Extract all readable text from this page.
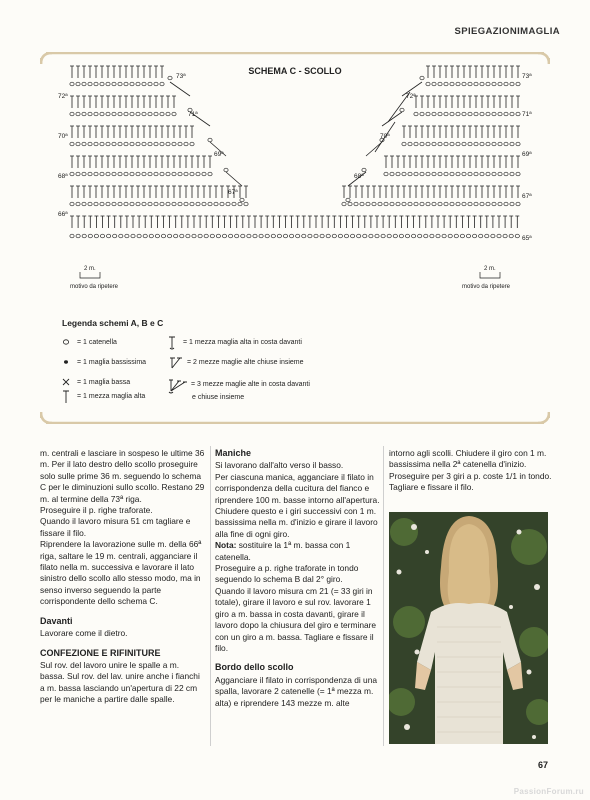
SPIEGAZIONIMAGLIA
SCHEMA C - SCOLLO
73ª
72ª
71ª
70ª
69ª
68ª
67ª
66ª
73ª
72ª
71ª
70ª
69ª
68ª
67ª
65ª
2 m.	2 m.
motivo da ripetere	motivo da ripetere
Legenda schemi A, B e C
= 1 catenella
= 1 maglia bassissima
= 1 maglia bassa
= 1 mezza maglia alta
= 1 mezza maglia alta in costa davanti
= 2 mezze maglie alte chiuse insieme
= 3 mezze maglie alte in costa davanti
e chiuse insieme

m. centrali e lasciare in sospeso le ultime 36 m. Per il lato destro dello scollo proseguire solo sulle prime 36 m. seguendo lo schema C per le diminuzioni sullo scollo. Restano 29 m. al termine della 73ª riga.

Proseguire il p. righe traforate.

Quando il lavoro misura 51 cm tagliare e fissare il filo.

Riprendere la lavorazione sulle m. della 66ª riga, saltare le 19 m. centrali, agganciare il filato nella m. successiva e lavorare il lato sinistro dello scollo allo stesso modo, ma in senso inverso seguendo la parte corrispondente dello schema C.

Davanti

Lavorare come il dietro.

CONFEZIONE E RIFINITURE

Sul rov. del lavoro unire le spalle a m. bassa. Sul rov. del lav. unire anche i fianchi a m. bassa lasciando un'apertura di 22 cm per le maniche a partire dalle spalle.

Maniche

Si lavorano dall'alto verso il basso.

Per ciascuna manica, agganciare il filato in corrispondenza della cucitura del fianco e riprendere 100 m. basse intorno all'apertura. Chiudere questo e i giri successivi con 1 m. bassissima nella m. d'inizio e girare il lavoro alla fine di ogni giro.

Nota: sostituire la 1ª m. bassa con 1 catenella.

Proseguire a p. righe traforate in tondo seguendo lo schema B dal 2° giro.

Quando il lavoro misura cm 21 (= 33 giri in totale), girare il lavoro e sul rov. lavorare 1 giro a m. bassa in costa davanti, girare il lavoro dopo la chiusura del giro e terminare con un giro a m. bassa. Tagliare e fissare il filo.

Bordo dello scollo

Agganciare il filato in corrispondenza di una spalla, lavorare 2 catenelle (= 1ª mezza m. alta) e riprendere 143 mezze m. alte

intorno agli scolli. Chiudere il giro con 1 m. bassissima nella 2ª catenella d'inizio. Proseguire per 3 giri a p. coste 1/1 in tondo. Tagliare e fissare il filo.

67
PassionForum.ru
